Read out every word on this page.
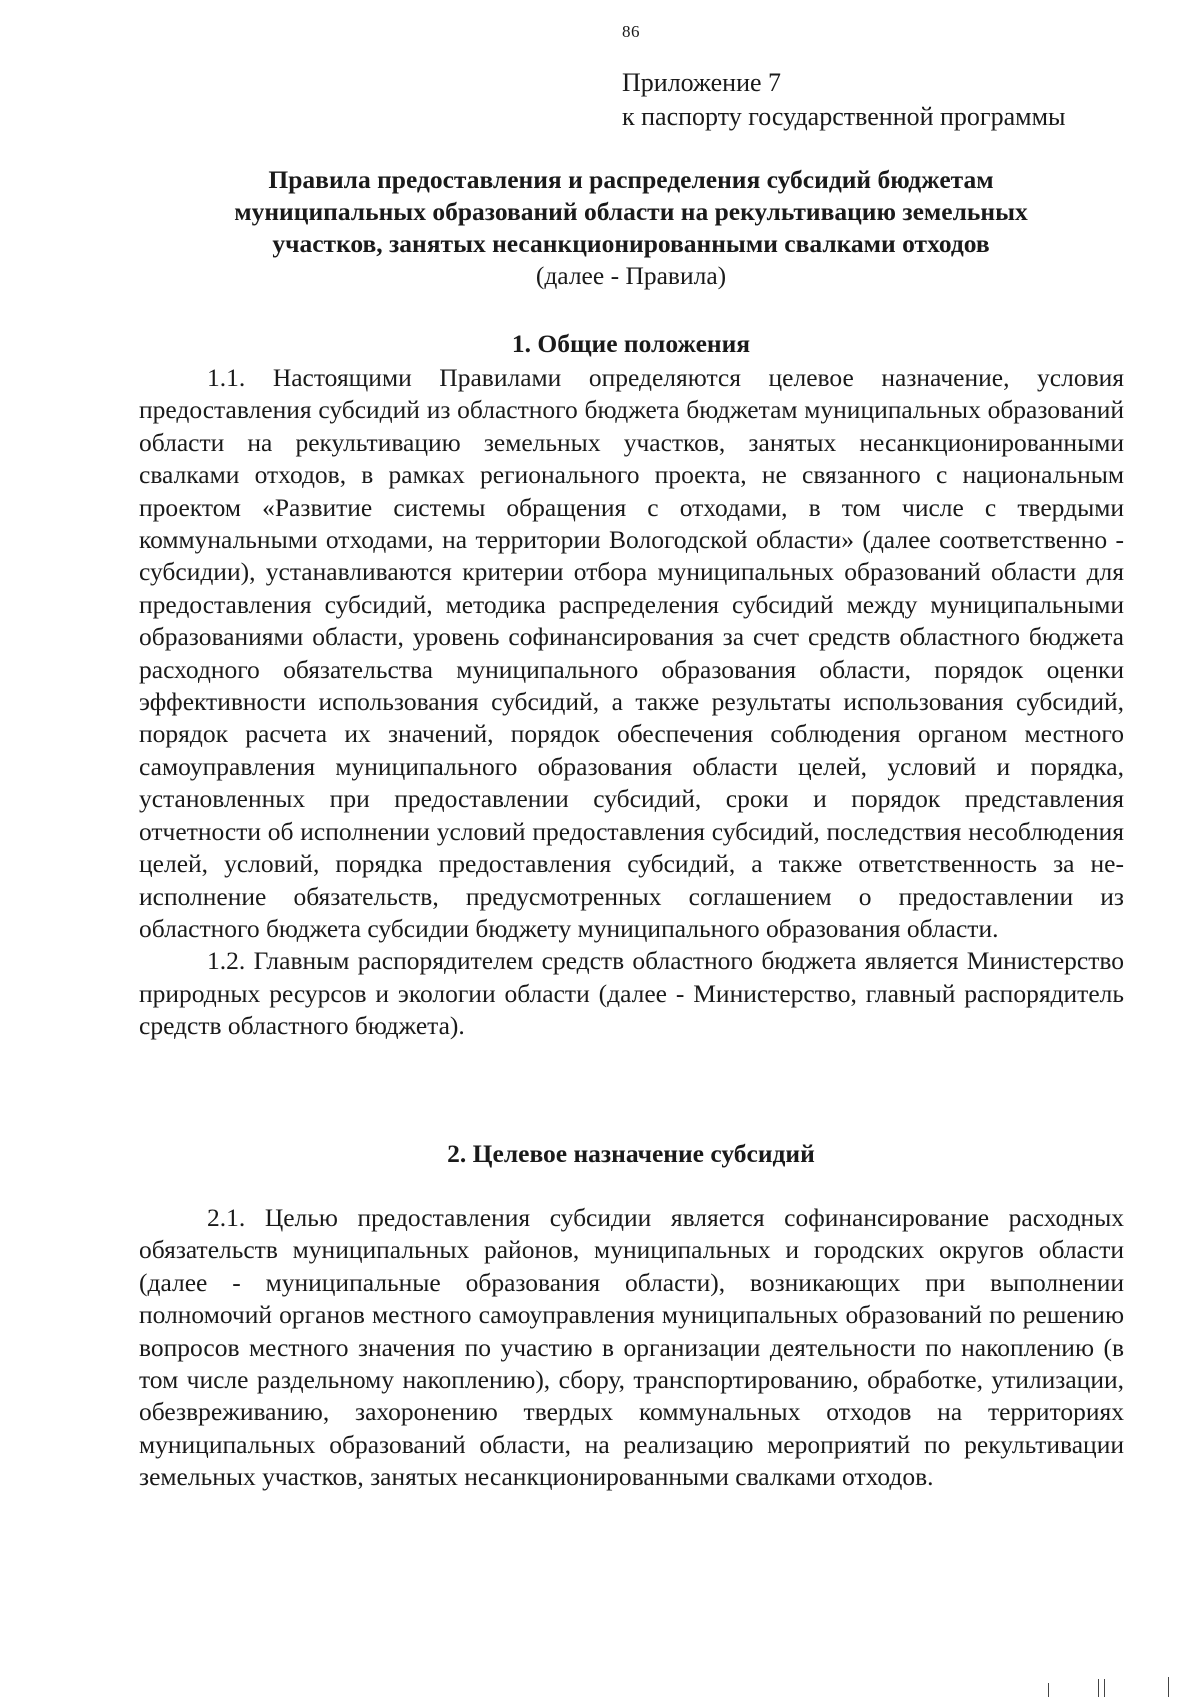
86
Приложение 7
к паспорту государственной программы
Правила предоставления и распределения субсидий бюджетам
муниципальных образований области на рекультивацию земельных
участков, занятых несанкционированными свалками отходов
(далее - Правила)
1. Общие положения

1.1. Настоящими Правилами определяются целевое назначение, условия предоставления субсидий из областного бюджета бюджетам муниципальных образований области на рекультивацию земельных участков, занятых несанкционированными свалками отходов, в рамках регионального проекта, не связанного с национальным проектом «Развитие системы обращения с отходами, в том числе с твердыми коммунальными отходами, на территории Вологодской области» (далее соответственно - субсидии), устанавливаются критерии отбора муниципальных образований области для предоставления субсидий, методика распределения субсидий между муниципальными образованиями области, уровень софинансирования за счет средств областного бюджета расходного обязательства муниципального образования области, порядок оценки эффективности использования субсидий, а также результаты использования субсидий, порядок расчета их значений, порядок обеспечения соблюдения органом местного самоуправления муниципального образования области целей, условий и порядка, установленных при предоставлении субсидий, сроки и порядок представления отчетности об исполнении условий предоставления субсидий, последствия несоблюдения целей, условий, порядка предоставления субсидий, а также ответственность за неисполнение обязательств, предусмотренных соглашением о предоставлении из областного бюджета субсидии бюджету муниципального образования области.

1.2. Главным распорядителем средств областного бюджета является Министерство природных ресурсов и экологии области (далее - Министерство, главный распорядитель средств областного бюджета).

2. Целевое назначение субсидий

2.1. Целью предоставления субсидии является софинансирование расходных обязательств муниципальных районов, муниципальных и городских округов области (далее - муниципальные образования области), возникающих при выполнении полномочий органов местного самоуправления муниципальных образований по решению вопросов местного значения по участию в организации деятельности по накоплению (в том числе раздельному накоплению), сбору, транспортированию, обработке, утилизации, обезвреживанию, захоронению твердых коммунальных отходов на территориях муниципальных образований области, на реализацию мероприятий по рекультивации земельных участков, занятых несанкционированными свалками отходов.
